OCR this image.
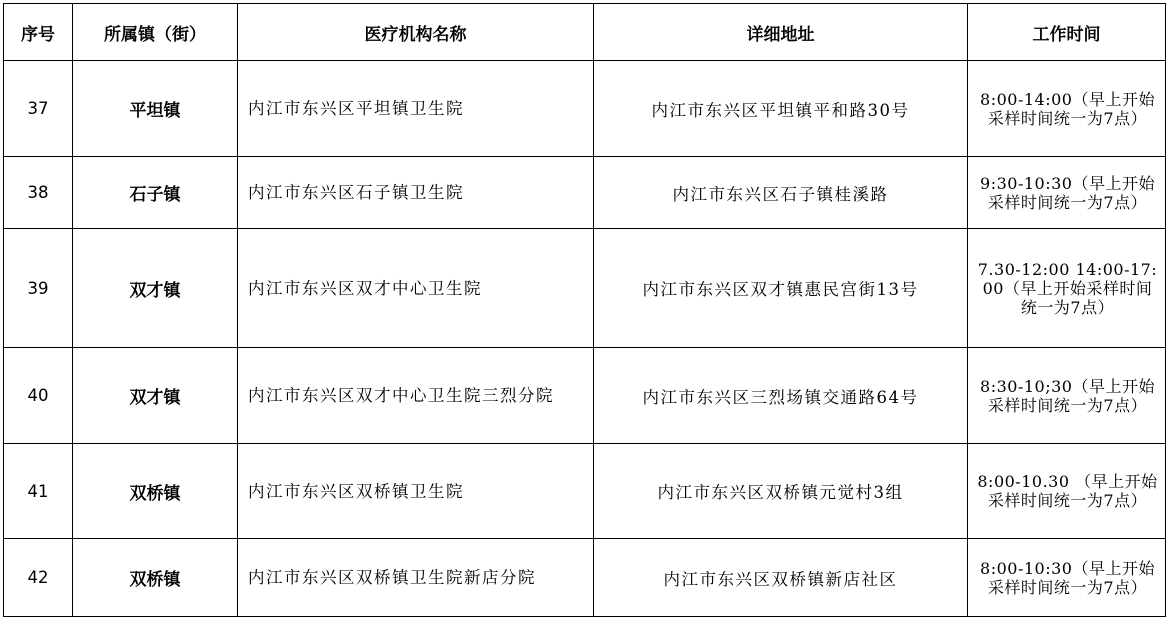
序号	所属镇（街）	医疗机构名称	详细地址	工作时间
37	平坦镇	内江市东兴区平坦镇卫生院	内江市东兴区平坦镇平和路30号	8:00-14:00（早上开始采样时间统一为7点）
38	石子镇	内江市东兴区石子镇卫生院	内江市东兴区石子镇桂溪路	9:30-10:30（早上开始采样时间统一为7点）
39	双才镇	内江市东兴区双才中心卫生院	内江市东兴区双才镇惠民宫街13号	7.30-12:00 14:00-17:00（早上开始采样时间统一为7点）
40	双才镇	内江市东兴区双才中心卫生院三烈分院	内江市东兴区三烈场镇交通路64号	8:30-10;30（早上开始采样时间统一为7点）
41	双桥镇	内江市东兴区双桥镇卫生院	内江市东兴区双桥镇元觉村3组	8:00-10.30 （早上开始采样时间统一为7点）
42	双桥镇	内江市东兴区双桥镇卫生院新店分院	内江市东兴区双桥镇新店社区	8:00-10:30（早上开始采样时间统一为7点）
